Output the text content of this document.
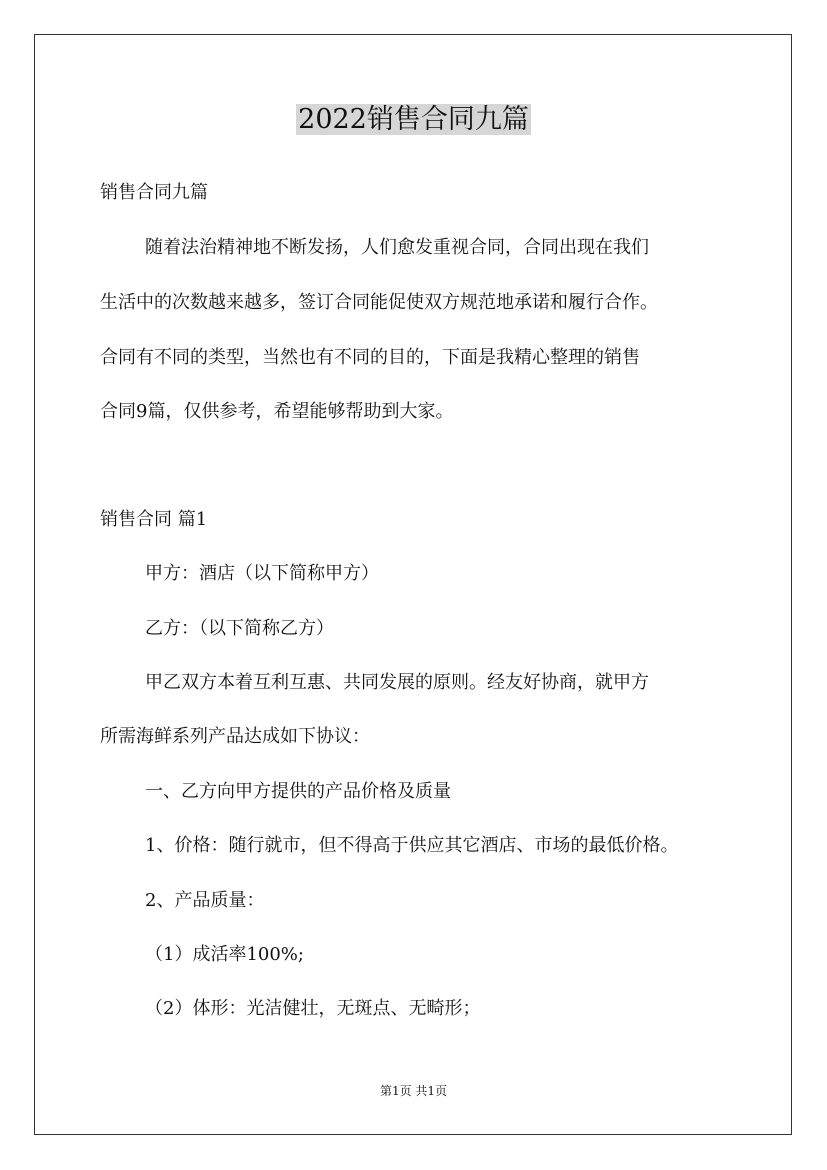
2022销售合同九篇
销售合同九篇
随着法治精神地不断发扬，人们愈发重视合同，合同出现在我们
生活中的次数越来越多，签订合同能促使双方规范地承诺和履行合作。
合同有不同的类型，当然也有不同的目的，下面是我精心整理的销售
合同9篇，仅供参考，希望能够帮助到大家。
销售合同 篇1
甲方：酒店（以下简称甲方）
乙方：（以下简称乙方）
甲乙双方本着互利互惠、共同发展的原则。经友好协商，就甲方
所需海鲜系列产品达成如下协议：
一、乙方向甲方提供的产品价格及质量
1、价格：随行就市，但不得高于供应其它酒店、市场的最低价格。
2、产品质量：
（1）成活率100%;
（2）体形：光洁健壮，无斑点、无畸形；
第1页 共1页
